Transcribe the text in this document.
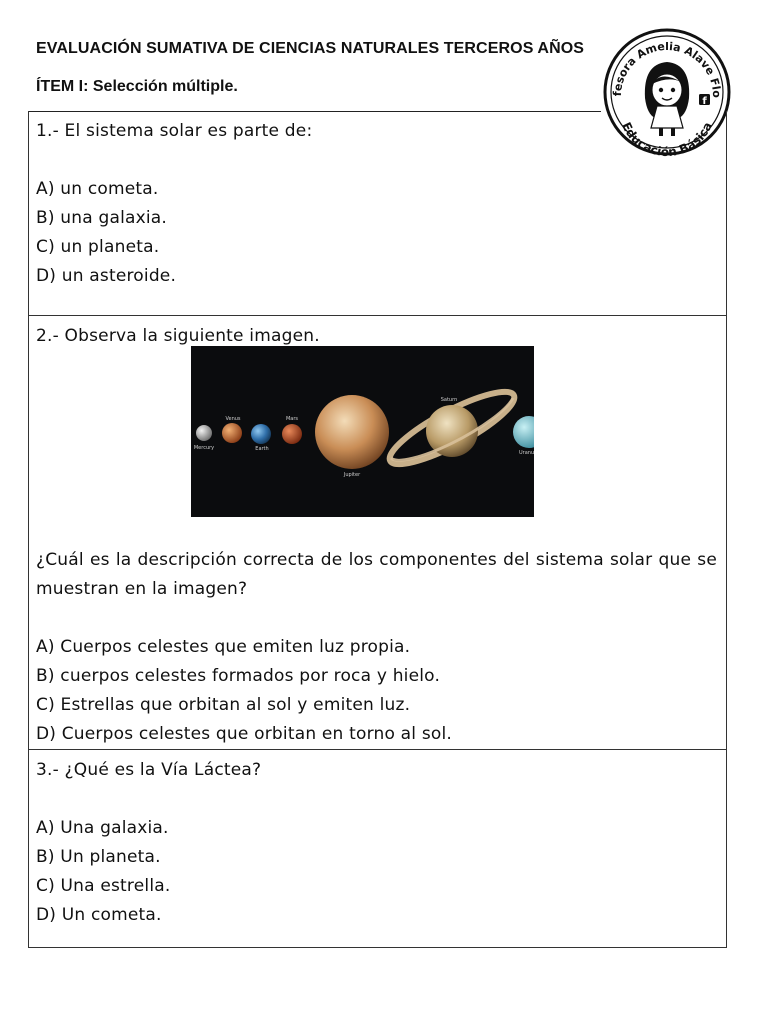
EVALUACIÓN SUMATIVA DE CIENCIAS NATURALES TERCEROS AÑOS
ÍTEM I: Selección múltiple.	fesora Amelia Alave Flo
Educación Básica
f
1.- El sistema solar es parte de:
A) un cometa.
B) una galaxia.
C) un planeta.
D) un asteroide.
2.- Observa la siguiente imagen.
Venus	Mars
Saturn
Mercury	Earth
Jupiter
Uranu
¿Cuál es la descripción correcta de los componentes del sistema solar que se muestran en la imagen?
A) Cuerpos celestes que emiten luz propia.
B) cuerpos celestes formados por roca y hielo.
C) Estrellas que orbitan al sol y emiten luz.
D) Cuerpos celestes que orbitan en torno al sol.
3.- ¿Qué es la Vía Láctea?
A) Una galaxia.
B) Un planeta.
C) Una estrella.
D) Un cometa.
